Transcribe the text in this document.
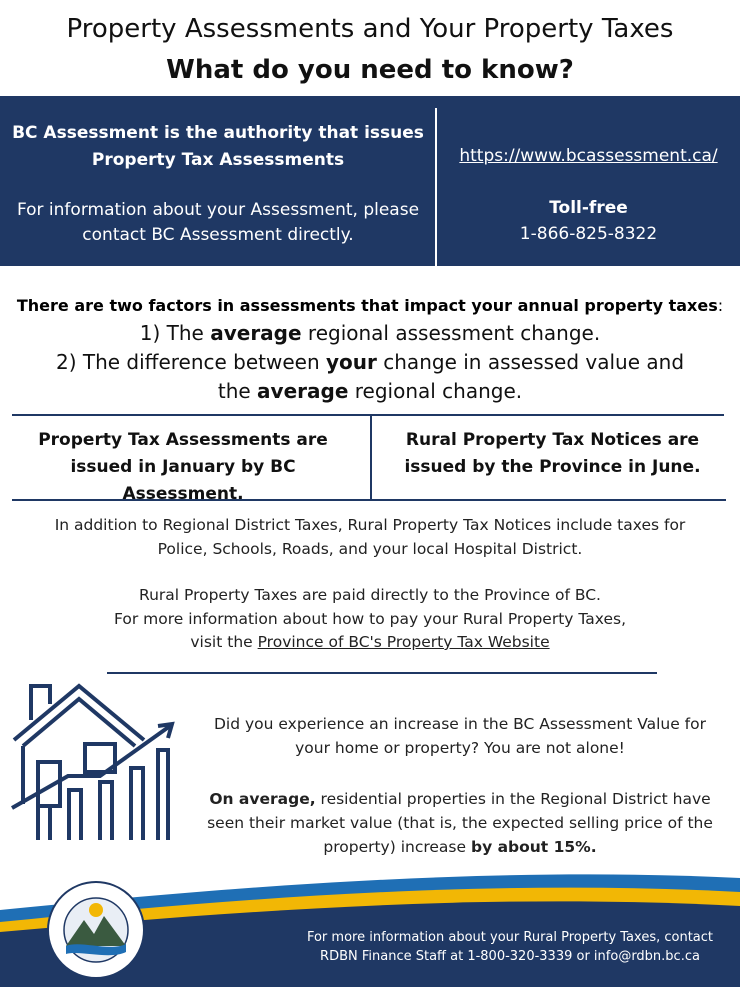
Property Assessments and Your Property Taxes
What do you need to know?
BC Assessment is the authority that issues
Property Tax Assessments
For information about your Assessment, please
contact BC Assessment directly.
https://www.bcassessment.ca/
Toll-free
1-866-825-8322
There are two factors in assessments that impact your annual property taxes:
1) The average regional assessment change.
2) The difference between your change in assessed value and
the average regional change.
Property Tax Assessments are
issued in January by BC Assessment.
Rural Property Tax Notices are
issued by the Province in June.
In addition to Regional District Taxes, Rural Property Tax Notices include taxes for
Police, Schools, Roads, and your local Hospital District.
Rural Property Taxes are paid directly to the Province of BC.
For more information about how to pay your Rural Property Taxes,
visit the Province of BC's Property Tax Website
Did you experience an increase in the BC Assessment Value for
your home or property? You are not alone!
On average, residential properties in the Regional District have
seen their market value (that is, the expected selling price of the
property) increase by about 15%.
For more information about your Rural Property Taxes, contact
RDBN Finance Staff at 1-800-320-3339 or info@rdbn.bc.ca
